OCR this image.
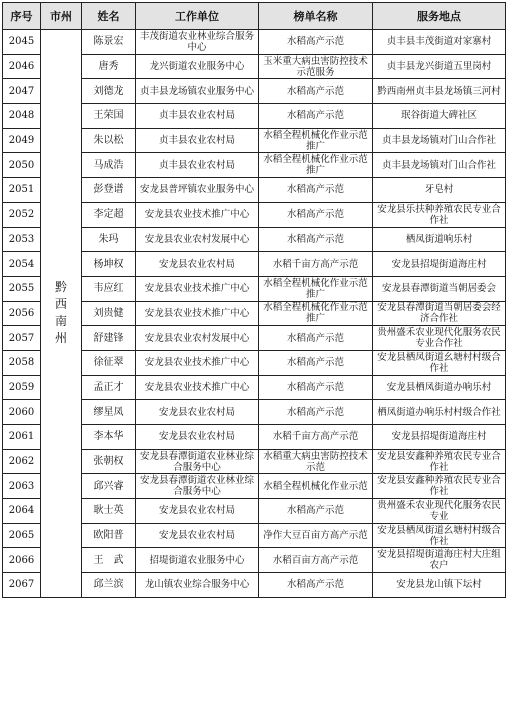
序号	市州	姓名	工作单位	榜单名称	服务地点
2045	黔西南州	陈景宏	丰茂街道农业林业综合服务中心	水稻高产示范	贞丰县丰茂街道对家寨村
2046		唐秀	龙兴街道农业服务中心	玉米重大病虫害防控技术示范服务	贞丰县龙兴街道五里岗村
2047		刘德龙	贞丰县龙场镇农业服务中心	水稻高产示范	黔西南州贞丰县龙场镇三河村
2048		王荣国	贞丰县农业农村局	水稻高产示范	珉谷街道大碑社区
2049		朱以松	贞丰县农业农村局	水稻全程机械化作业示范推广	贞丰县龙场镇对门山合作社
2050		马成浩	贞丰县农业农村局	水稻全程机械化作业示范推广	贞丰县龙场镇对门山合作社
2051		彭登谱	安龙县普坪镇农业服务中心	水稻高产示范	牙皂村
2052		李定超	安龙县农业技术推广中心	水稻高产示范	安龙县乐扶种养殖农民专业合作社
2053		朱玛	安龙县农业农村发展中心	水稻高产示范	栖凤街道响乐村
2054		杨坤权	安龙县农业农村局	水稻千亩方高产示范	安龙县招堤街道海庄村
2055		韦应红	安龙县农业技术推广中心	水稻全程机械化作业示范推广	安龙县春潭街道当朝居委会
2056		刘贵健	安龙县农业技术推广中心	水稻全程机械化作业示范推广	安龙县春潭街道当朝居委会经济合作社
2057		舒建锋	安龙县农业农村发展中心	水稻高产示范	贵州盛禾农业现代化服务农民专业合作社
2058		徐征翠	安龙县农业技术推广中心	水稻高产示范	安龙县栖凤街道幺塘村村级合作社
2059		孟正才	安龙县农业技术推广中心	水稻高产示范	安龙县栖凤街道办响乐村
2060		缪星凤	安龙县农业农村局	水稻高产示范	栖凤街道办响乐村村级合作社
2061		李本华	安龙县农业农村局	水稻千亩方高产示范	安龙县招堤街道海庄村
2062		张朝权	安龙县春潭街道农业林业综合服务中心	水稻重大病虫害防控技术示范	安龙县安鑫种养殖农民专业合作社
2063		邱兴睿	安龙县春潭街道农业林业综合服务中心	水稻全程机械化作业示范	安龙县安鑫种养殖农民专业合作社
2064		耿士英	安龙县农业农村局	水稻高产示范	贵州盛禾农业现代化服务农民专业
2065		欧阳普	安龙县农业农村局	净作大豆百亩方高产示范	安龙县栖凤街道幺塘村村级合作社
2066		王　武	招堤街道农业服务中心	水稻百亩方高产示范	安龙县招堤街道海庄村大庄组农户
2067		邱兰滨	龙山镇农业综合服务中心	水稻高产示范	安龙县龙山镇下坛村
